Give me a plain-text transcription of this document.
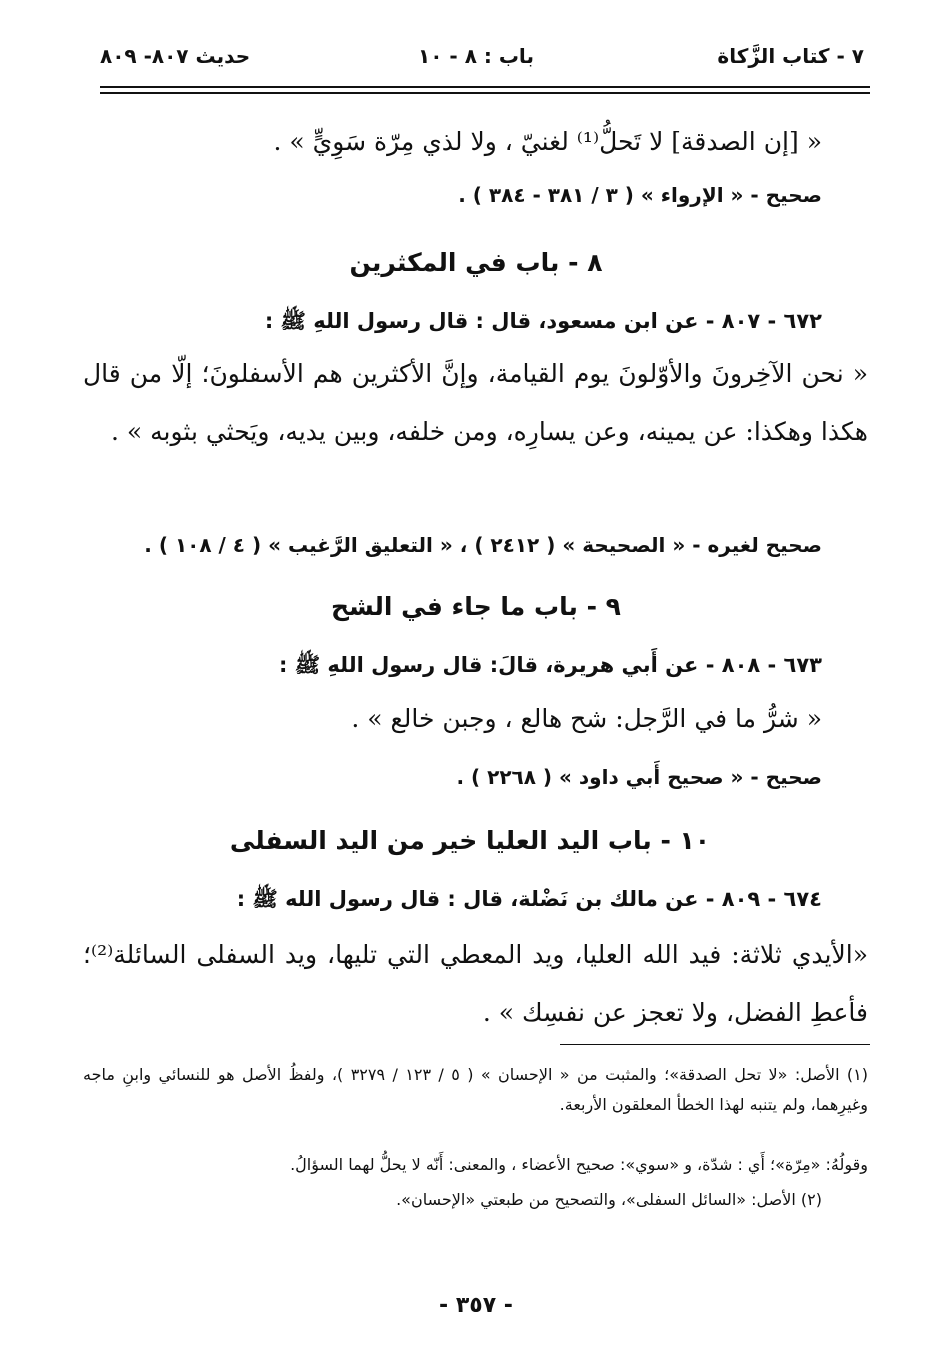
٧ - كتاب الزَّكاة
باب : ٨ - ١٠
حديث ٨٠٧- ٨٠٩
« [إن الصدقة] لا تَحلُّ⁽¹⁾ لغنيّ ، ولا لذي مِرّة سَوِيٍّ » .
صحيح - « الإرواء » ( ٣ / ٣٨١ - ٣٨٤ ) .
٨ - باب في المكثرين
٦٧٢ - ٨٠٧ - عن ابن مسعود، قال : قال رسول اللهِ ﷺ :
« نحن الآخِرونَ والأوّلونَ يوم القيامة، وإنَّ الأكثرين هم الأسفلونَ؛ إلّا من قال هكذا وهكذا: عن يمينه، وعن يسارِه، ومن خلفه، وبين يديه، ويَحثي بثوبه » .
صحيح لغيره - « الصحيحة » ( ٢٤١٢ ) ، « التعليق الرَّغيب » ( ٤ / ١٠٨ ) .
٩ - باب ما جاء في الشح
٦٧٣ - ٨٠٨ - عن أَبي هريرة، قالَ: قال رسول اللهِ ﷺ :
« شرُّ ما في الرَّجل: شح هالع ، وجبن خالع » .
صحيح - « صحيح أَبي داود » ( ٢٢٦٨ ) .
١٠ - باب اليد العليا خير من اليد السفلى
٦٧٤ - ٨٠٩ - عن مالك بن نَضْلة، قال : قال رسول الله ﷺ :
«الأيدي ثلاثة: فيد الله العليا، ويد المعطي التي تليها، ويد السفلى السائلة⁽²⁾؛ فأعطِ الفضل، ولا تعجز عن نفسِك » .
(١) الأصل: «لا تحل الصدقة»؛ والمثبت من « الإحسان » ( ٥ / ١٢٣ / ٣٢٧٩ )، ولفظُ الأصل هو للنسائي وابنِ ماجه وغيرِهما، ولم يتنبه لهذا الخطأ المعلقون الأربعة.
وقولُهُ: «مِرّة»؛ أَي : شدّة، و «سوي»: صحيح الأعضاء ، والمعنى: أَنّه لا يحلُّ لهما السؤالُ.
(٢) الأصل: «السائل السفلى»، والتصحيح من طبعتي «الإحسان».
- ٣٥٧ -
